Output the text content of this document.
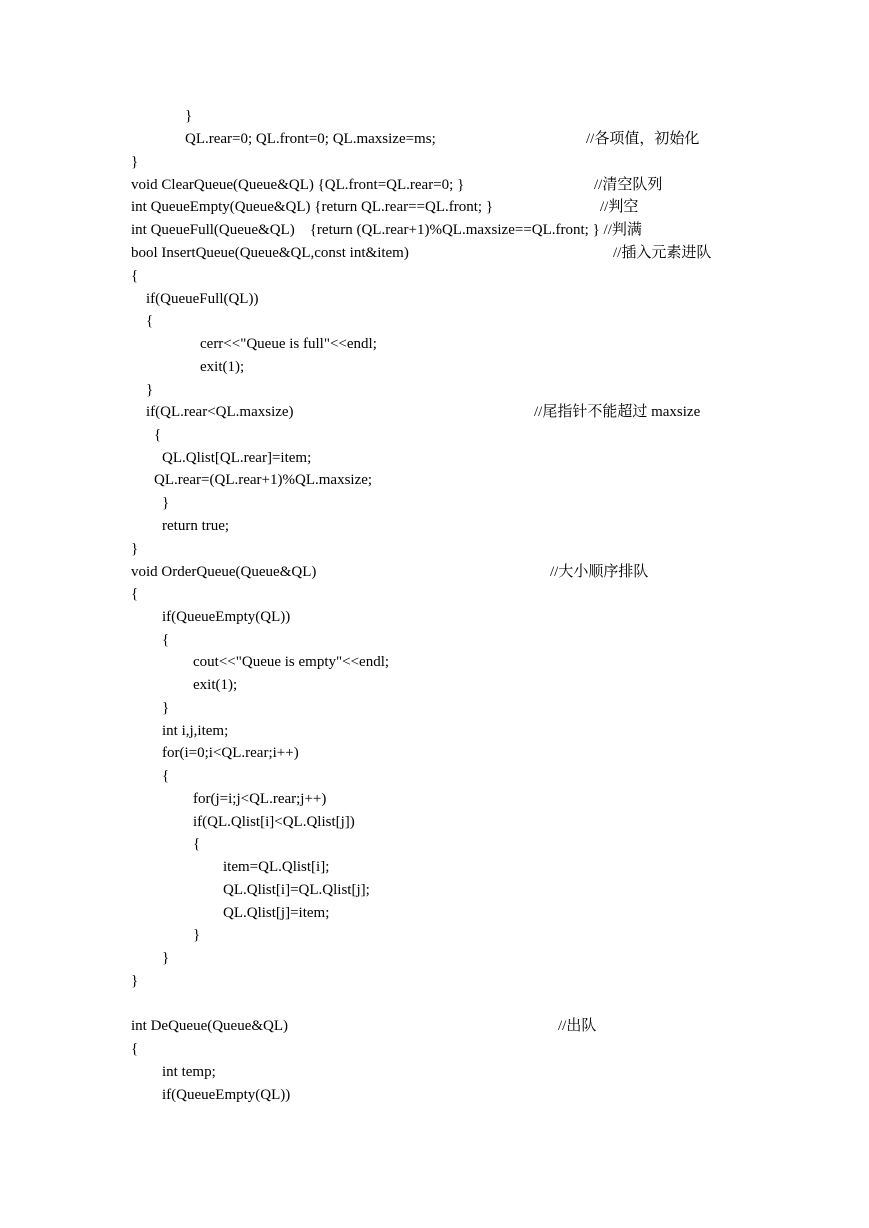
}
QL.rear=0; QL.front=0; QL.maxsize=ms;	//各项值，初始化
}
void ClearQueue(Queue&QL) {QL.front=QL.rear=0; }	//清空队列
int QueueEmpty(Queue&QL) {return QL.rear==QL.front; }	//判空
int QueueFull(Queue&QL)    {return (QL.rear+1)%QL.maxsize==QL.front; } //判满
bool InsertQueue(Queue&QL,const int&item)	//插入元素进队
{
if(QueueFull(QL))
{
cerr<<"Queue is full"<<endl;
exit(1);
}
if(QL.rear<QL.maxsize)	//尾指针不能超过 maxsize
{
QL.Qlist[QL.rear]=item;
QL.rear=(QL.rear+1)%QL.maxsize;
}
return true;
}
void OrderQueue(Queue&QL)	//大小顺序排队
{
if(QueueEmpty(QL))
{
cout<<"Queue is empty"<<endl;
exit(1);
}
int i,j,item;
for(i=0;i<QL.rear;i++)
{
for(j=i;j<QL.rear;j++)
if(QL.Qlist[i]<QL.Qlist[j])
{
item=QL.Qlist[i];
QL.Qlist[i]=QL.Qlist[j];
QL.Qlist[j]=item;
}
}
}
int DeQueue(Queue&QL)	//出队
{
int temp;
if(QueueEmpty(QL))
